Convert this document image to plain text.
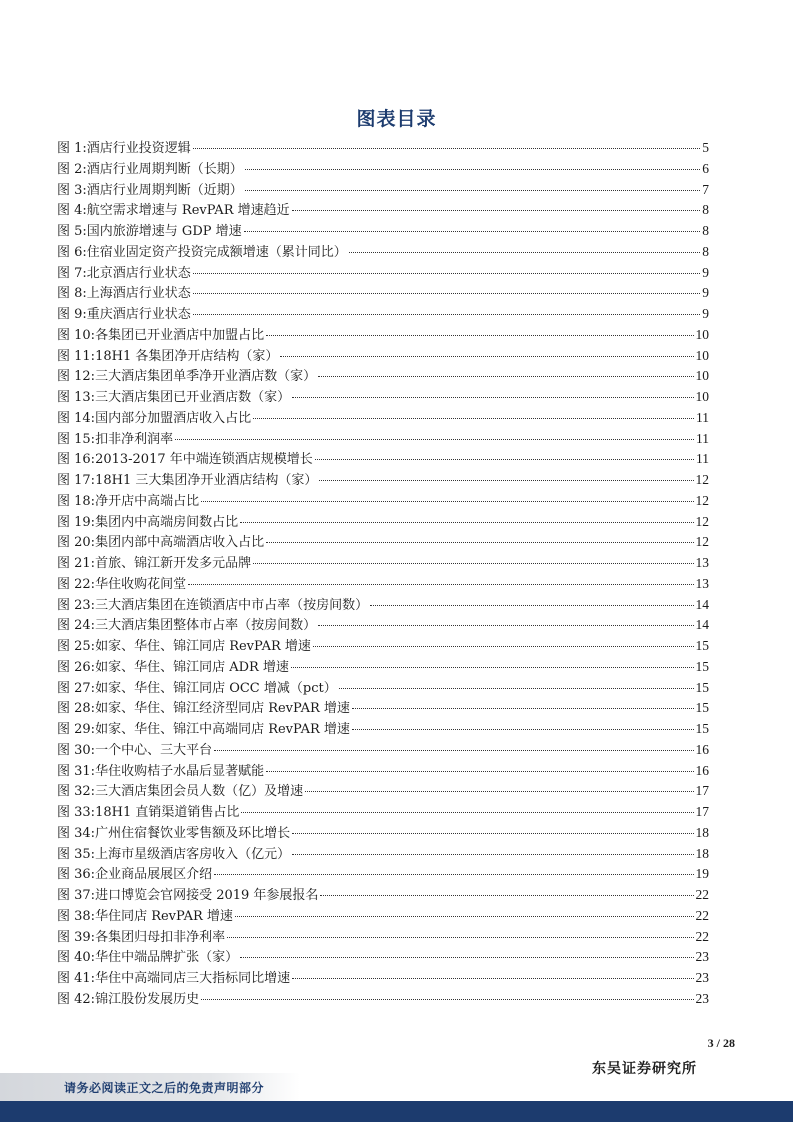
图表目录
图 1: 酒店行业投资逻辑	5
图 2: 酒店行业周期判断（长期）	6
图 3: 酒店行业周期判断（近期）	7
图 4: 航空需求增速与 RevPAR 增速趋近	8
图 5: 国内旅游增速与 GDP 增速	8
图 6: 住宿业固定资产投资完成额增速（累计同比）	8
图 7: 北京酒店行业状态	9
图 8: 上海酒店行业状态	9
图 9: 重庆酒店行业状态	9
图 10: 各集团已开业酒店中加盟占比	10
图 11: 18H1 各集团净开店结构（家）	10
图 12: 三大酒店集团单季净开业酒店数（家）	10
图 13: 三大酒店集团已开业酒店数（家）	10
图 14: 国内部分加盟酒店收入占比	11
图 15: 扣非净利润率	11
图 16: 2013-2017 年中端连锁酒店规模增长	11
图 17: 18H1 三大集团净开业酒店结构（家）	12
图 18: 净开店中高端占比	12
图 19: 集团内中高端房间数占比	12
图 20: 集团内部中高端酒店收入占比	12
图 21: 首旅、锦江新开发多元品牌	13
图 22: 华住收购花间堂	13
图 23: 三大酒店集团在连锁酒店中市占率（按房间数）	14
图 24: 三大酒店集团整体市占率（按房间数）	14
图 25: 如家、华住、锦江同店 RevPAR 增速	15
图 26: 如家、华住、锦江同店 ADR 增速	15
图 27: 如家、华住、锦江同店 OCC 增减（pct）	15
图 28: 如家、华住、锦江经济型同店 RevPAR 增速	15
图 29: 如家、华住、锦江中高端同店 RevPAR 增速	15
图 30: 一个中心、三大平台	16
图 31: 华住收购桔子水晶后显著赋能	16
图 32: 三大酒店集团会员人数（亿）及增速	17
图 33: 18H1 直销渠道销售占比	17
图 34: 广州住宿餐饮业零售额及环比增长	18
图 35: 上海市星级酒店客房收入（亿元）	18
图 36: 企业商品展展区介绍	19
图 37: 进口博览会官网接受 2019 年参展报名	22
图 38: 华住同店 RevPAR 增速	22
图 39: 各集团归母扣非净利率	22
图 40: 华住中端品牌扩张（家）	23
图 41: 华住中高端同店三大指标同比增速	23
图 42: 锦江股份发展历史	23
3 / 28
东吴证券研究所
请务必阅读正文之后的免责声明部分
